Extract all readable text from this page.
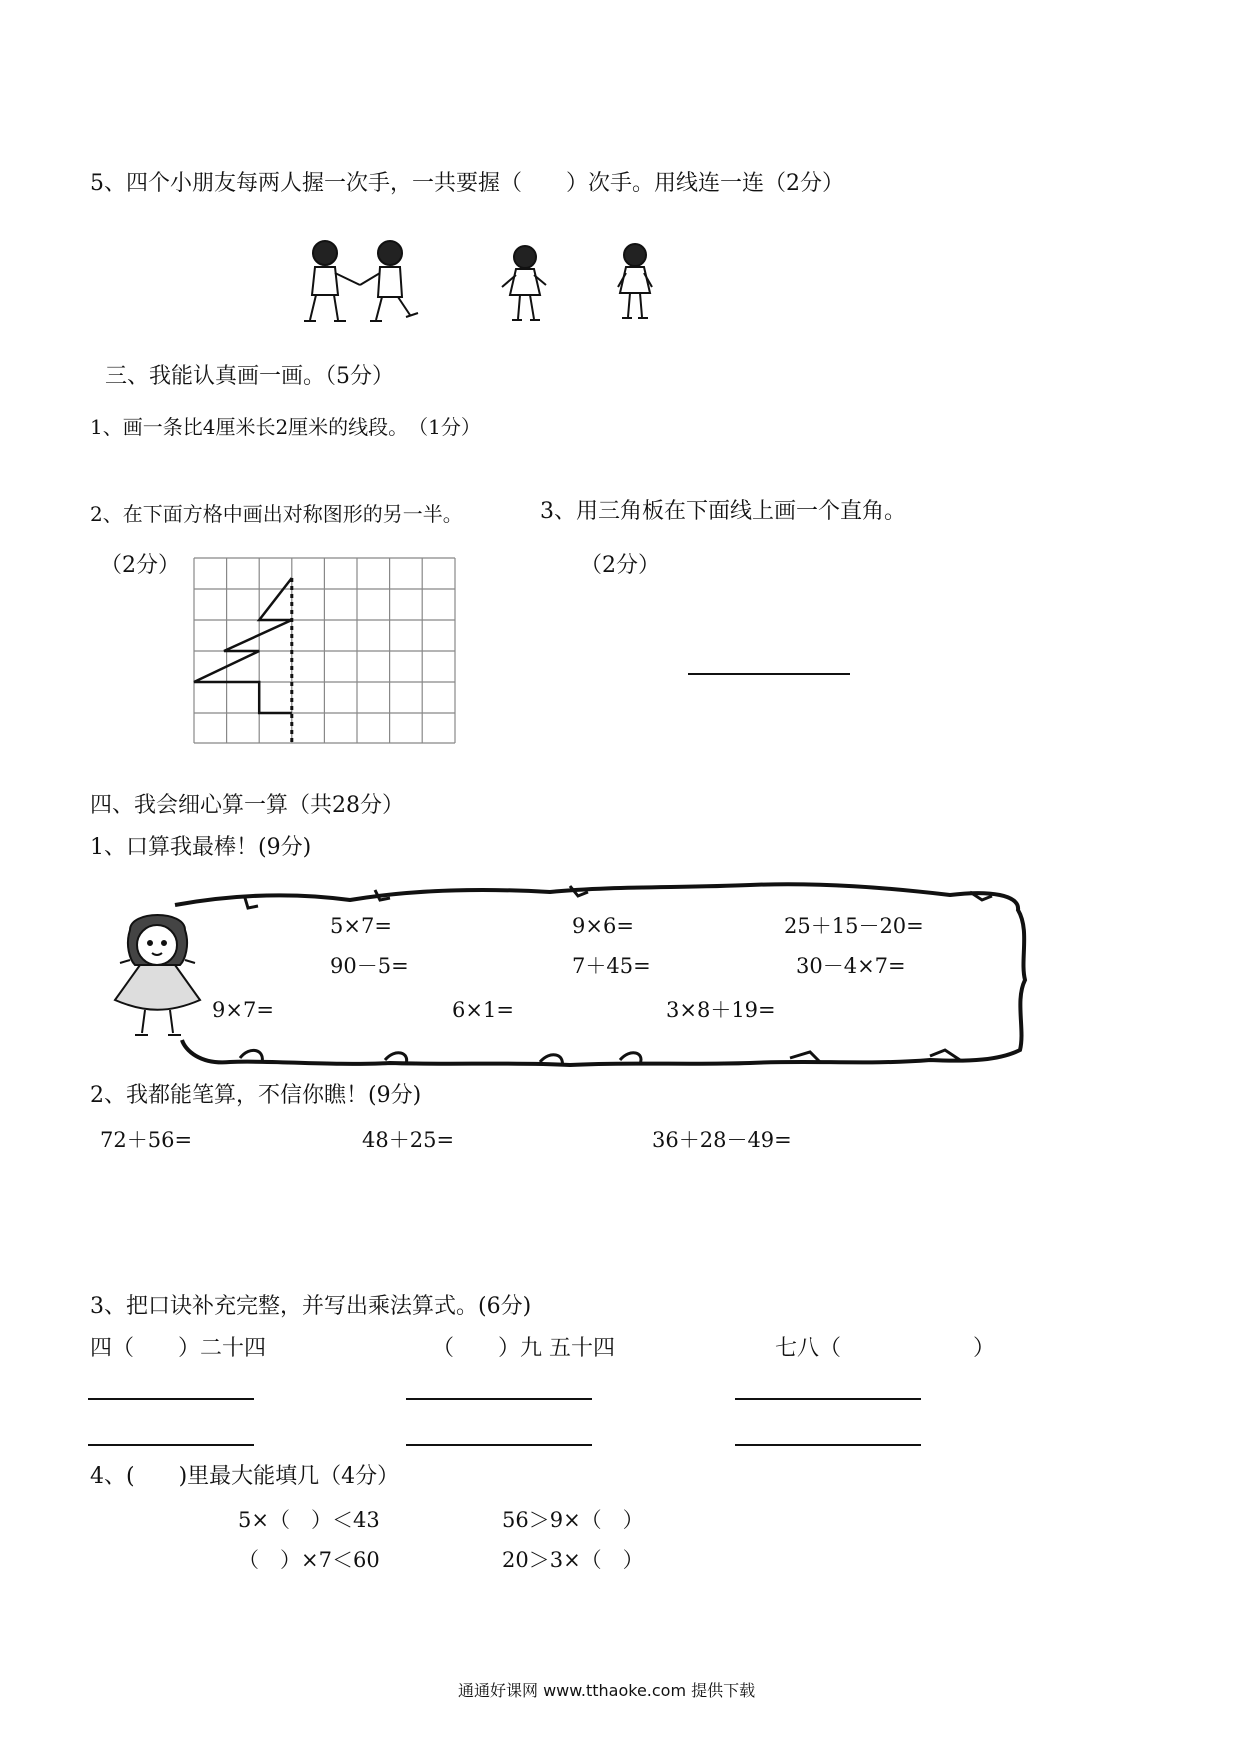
5、四个小朋友每两人握一次手，一共要握（　　）次手。用线连一连（2分）
三、我能认真画一画。（5分）
1、画一条比4厘米长2厘米的线段。　（1分）
2、在下面方格中画出对称图形的另一半。	3、用三角板在下面线上画一个直角。
（2分）	（2分）
四、我会细心算一算（共28分）
1、口算我最棒！(9分)
5×7=	9×6=	25＋15－20=
90－5=	7＋45=	30－4×7=
9×7=	6×1=	3×8＋19=
2、我都能笔算，不信你瞧！(9分)
72＋56=	48＋25=	36＋28－49=
3、把口诀补充完整，并写出乘法算式。(6分)
四（　　）二十四	（　　）九 五十四	七八（　　　　　　）
4、(　　)里最大能填几（4分）
5×（　）＜43	56＞9×（　）
（　）×7＜60	20＞3×（　）
通通好课网 www.tthaoke.com 提供下载
